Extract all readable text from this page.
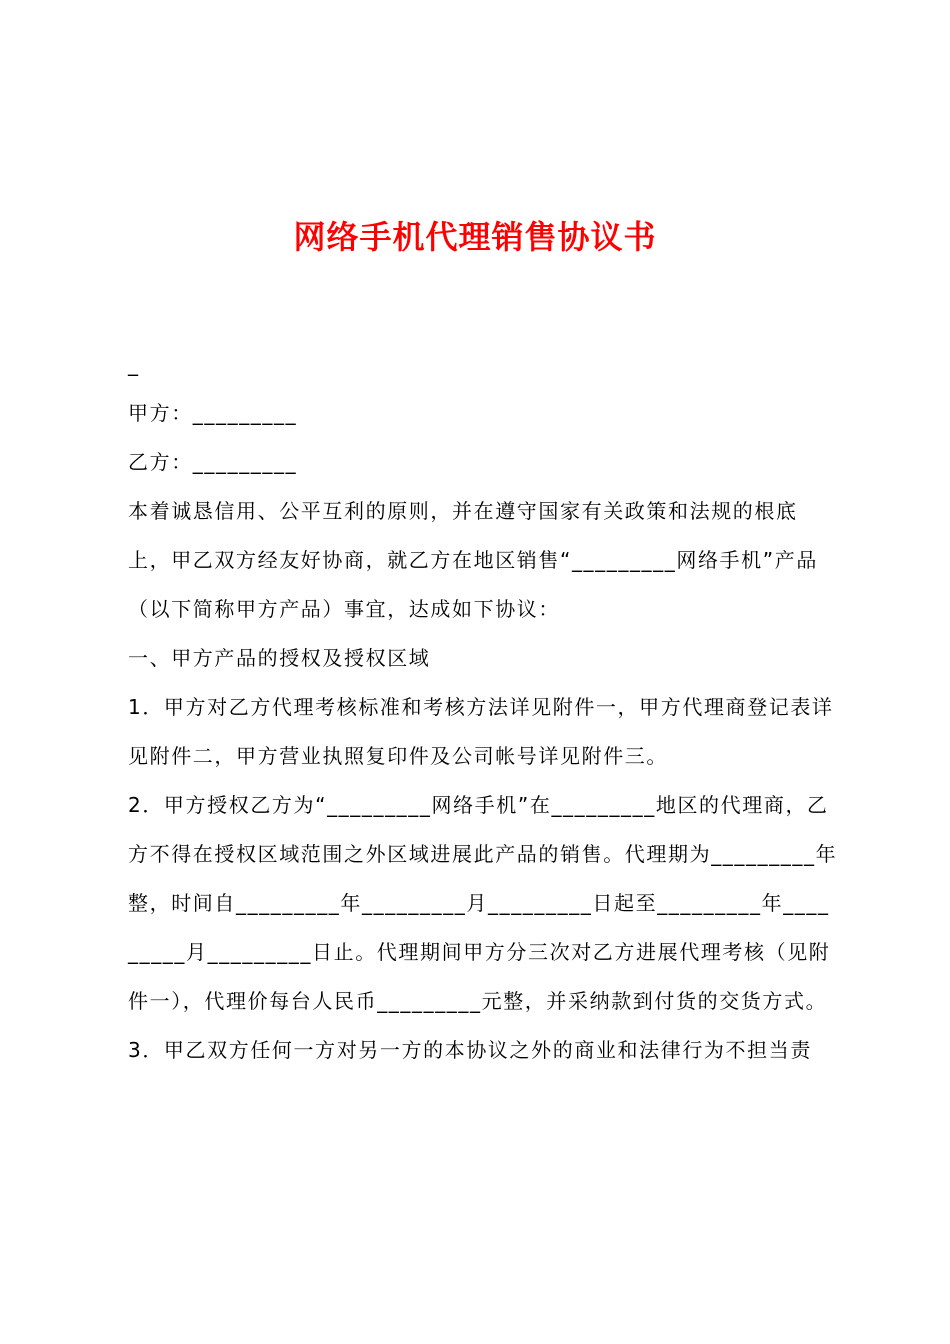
网络手机代理销售协议书

_

甲方：_________

乙方：_________

本着诚恳信用、公平互利的原则，并在遵守国家有关政策和法规的根底上，甲乙双方经友好协商，就乙方在地区销售“_________网络手机”产品（以下简称甲方产品）事宜，达成如下协议：

一、甲方产品的授权及授权区域

1．甲方对乙方代理考核标准和考核方法详见附件一，甲方代理商登记表详见附件二，甲方营业执照复印件及公司帐号详见附件三。

2．甲方授权乙方为“_________网络手机”在_________地区的代理商，乙方不得在授权区域范围之外区域进展此产品的销售。代理期为_________年整，时间自_________年_________月_________日起至_________年_________月_________日止。代理期间甲方分三次对乙方进展代理考核（见附件一），代理价每台人民币_________元整，并采纳款到付货的交货方式。

3．甲乙双方任何一方对另一方的本协议之外的商业和法律行为不担当责
